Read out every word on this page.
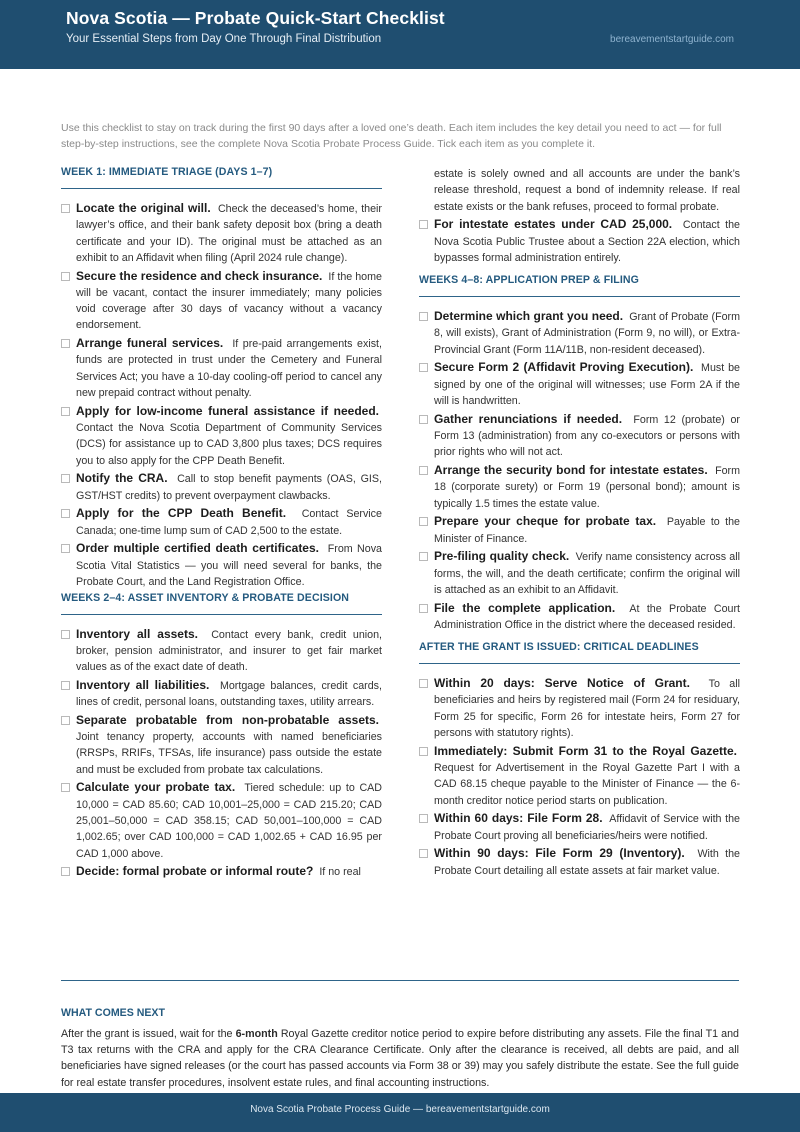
Nova Scotia — Probate Quick-Start Checklist
Your Essential Steps from Day One Through Final Distribution	bereavementstartguide.com
Use this checklist to stay on track during the first 90 days after a loved one’s death. Each item includes the key detail you need to act — for full step-by-step instructions, see the complete Nova Scotia Probate Process Guide. Tick each item as you complete it.
WEEK 1: IMMEDIATE TRIAGE (DAYS 1–7)
Locate the original will. Check the deceased’s home, their lawyer’s office, and their bank safety deposit box (bring a death certificate and your ID). The original must be attached as an exhibit to an Affidavit when filing (April 2024 rule change).
Secure the residence and check insurance. If the home will be vacant, contact the insurer immediately; many policies void coverage after 30 days of vacancy without a vacancy endorsement.
Arrange funeral services. If pre-paid arrangements exist, funds are protected in trust under the Cemetery and Funeral Services Act; you have a 10-day cooling-off period to cancel any new prepaid contract without penalty.
Apply for low-income funeral assistance if needed.  Contact the Nova Scotia Department of Community Services (DCS) for assistance up to CAD 3,800 plus taxes; DCS requires you to also apply for the CPP Death Benefit.
Notify the CRA. Call to stop benefit payments (OAS, GIS, GST/HST credits) to prevent overpayment clawbacks.
Apply for the CPP Death Benefit. Contact Service Canada; one-time lump sum of CAD 2,500 to the estate.
Order multiple certified death certificates. From Nova Scotia Vital Statistics — you will need several for banks, the Probate Court, and the Land Registration Office.
WEEKS 2–4: ASSET INVENTORY & PROBATE DECISION
Inventory all assets. Contact every bank, credit union, broker, pension administrator, and insurer to get fair market values as of the exact date of death.
Inventory all liabilities. Mortgage balances, credit cards, lines of credit, personal loans, outstanding taxes, utility arrears.
Separate probatable from non-probatable assets.  Joint tenancy property, accounts with named beneficiaries (RRSPs, RRIFs, TFSAs, life insurance) pass outside the estate and must be excluded from probate tax calculations.
Calculate your probate tax. Tiered schedule: up to CAD 10,000 = CAD 85.60; CAD 10,001–25,000 = CAD 215.20; CAD 25,001–50,000 = CAD 358.15; CAD 50,001–100,000 = CAD 1,002.65; over CAD 100,000 = CAD 1,002.65 + CAD 16.95 per CAD 1,000 above.
Decide: formal probate or informal route? If no real
estate is solely owned and all accounts are under the bank’s release threshold, request a bond of indemnity release. If real estate exists or the bank refuses, proceed to formal probate.
For intestate estates under CAD 25,000. Contact the Nova Scotia Public Trustee about a Section 22A election, which bypasses formal administration entirely.
WEEKS 4–8: APPLICATION PREP & FILING
Determine which grant you need. Grant of Probate (Form 8, will exists), Grant of Administration (Form 9, no will), or Extra-Provincial Grant (Form 11A/11B, non-resident deceased).
Secure Form 2 (Affidavit Proving Execution). Must be signed by one of the original will witnesses; use Form 2A if the will is handwritten.
Gather renunciations if needed. Form 12 (probate) or Form 13 (administration) from any co-executors or persons with prior rights who will not act.
Arrange the security bond for intestate estates. Form 18 (corporate surety) or Form 19 (personal bond); amount is typically 1.5 times the estate value.
Prepare your cheque for probate tax. Payable to the Minister of Finance.
Pre-filing quality check. Verify name consistency across all forms, the will, and the death certificate; confirm the original will is attached as an exhibit to an Affidavit.
File the complete application. At the Probate Court Administration Office in the district where the deceased resided.
AFTER THE GRANT IS ISSUED: CRITICAL DEADLINES
Within 20 days: Serve Notice of Grant. To all beneficiaries and heirs by registered mail (Form 24 for residuary, Form 25 for specific, Form 26 for intestate heirs, Form 27 for persons with statutory rights).
Immediately: Submit Form 31 to the Royal Gazette.  Request for Advertisement in the Royal Gazette Part I with a CAD 68.15 cheque payable to the Minister of Finance — the 6-month creditor notice period starts on publication.
Within 60 days: File Form 28. Affidavit of Service with the Probate Court proving all beneficiaries/heirs were notified.
Within 90 days: File Form 29 (Inventory). With the Probate Court detailing all estate assets at fair market value.
WHAT COMES NEXT
After the grant is issued, wait for the 6-month Royal Gazette creditor notice period to expire before distributing any assets. File the final T1 and T3 tax returns with the CRA and apply for the CRA Clearance Certificate. Only after the clearance is received, all debts are paid, and all beneficiaries have signed releases (or the court has passed accounts via Form 38 or 39) may you safely distribute the estate. See the full guide for real estate transfer procedures, insolvent estate rules, and final accounting instructions.
Nova Scotia Probate Process Guide — bereavementstartguide.com
